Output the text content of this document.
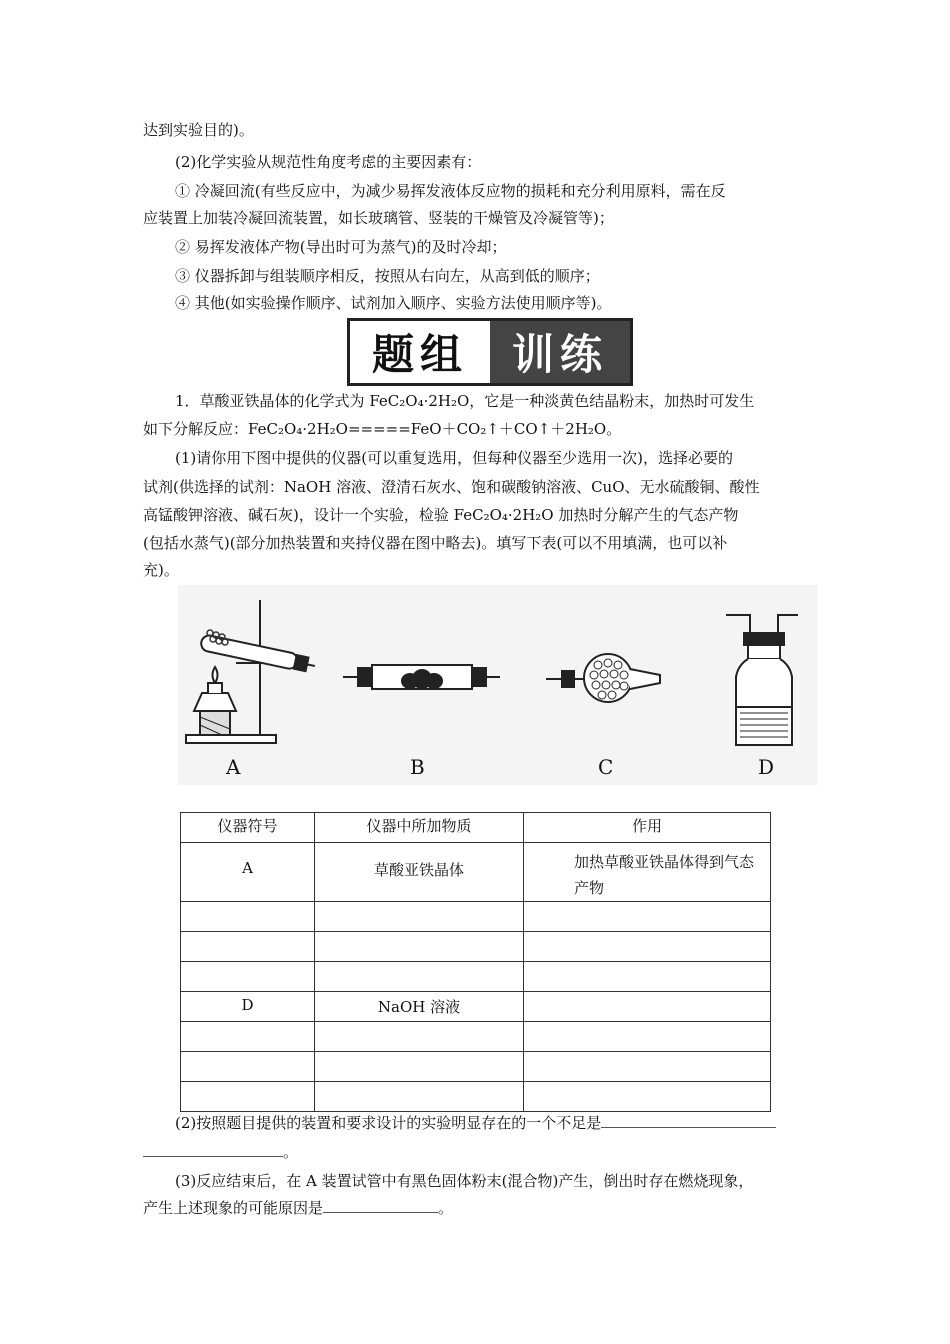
达到实验目的)。
(2)化学实验从规范性角度考虑的主要因素有：
① 冷凝回流(有些反应中，为减少易挥发液体反应物的损耗和充分利用原料，需在反
应装置上加装冷凝回流装置，如长玻璃管、竖装的干燥管及冷凝管等)；
② 易挥发液体产物(导出时可为蒸气)的及时冷却；
③ 仪器拆卸与组装顺序相反，按照从右向左，从高到低的顺序；
④ 其他(如实验操作顺序、试剂加入顺序、实验方法使用顺序等)。
题组	训练
1．草酸亚铁晶体的化学式为 FeC₂O₄·2H₂O，它是一种淡黄色结晶粉末，加热时可发生
如下分解反应：FeC₂O₄·2H₂O=====FeO＋CO₂↑＋CO↑＋2H₂O。
(1)请你用下图中提供的仪器(可以重复选用，但每种仪器至少选用一次)，选择必要的
试剂(供选择的试剂：NaOH 溶液、澄清石灰水、饱和碳酸钠溶液、CuO、无水硫酸铜、酸性
高锰酸钾溶液、碱石灰)，设计一个实验，检验 FeC₂O₄·2H₂O 加热时分解产生的气态产物
(包括水蒸气)(部分加热装置和夹持仪器在图中略去)。填写下表(可以不用填满，也可以补
充)。
A	B	C	D
仪器符号	仪器中所加物质	作用
A	草酸亚铁晶体	加热草酸亚铁晶体得到气态产物

D	NaOH 溶液	

(2)按照题目提供的装置和要求设计的实验明显存在的一个不足是
。
(3)反应结束后，在 A 装置试管中有黑色固体粉末(混合物)产生，倒出时存在燃烧现象，
产生上述现象的可能原因是	。
